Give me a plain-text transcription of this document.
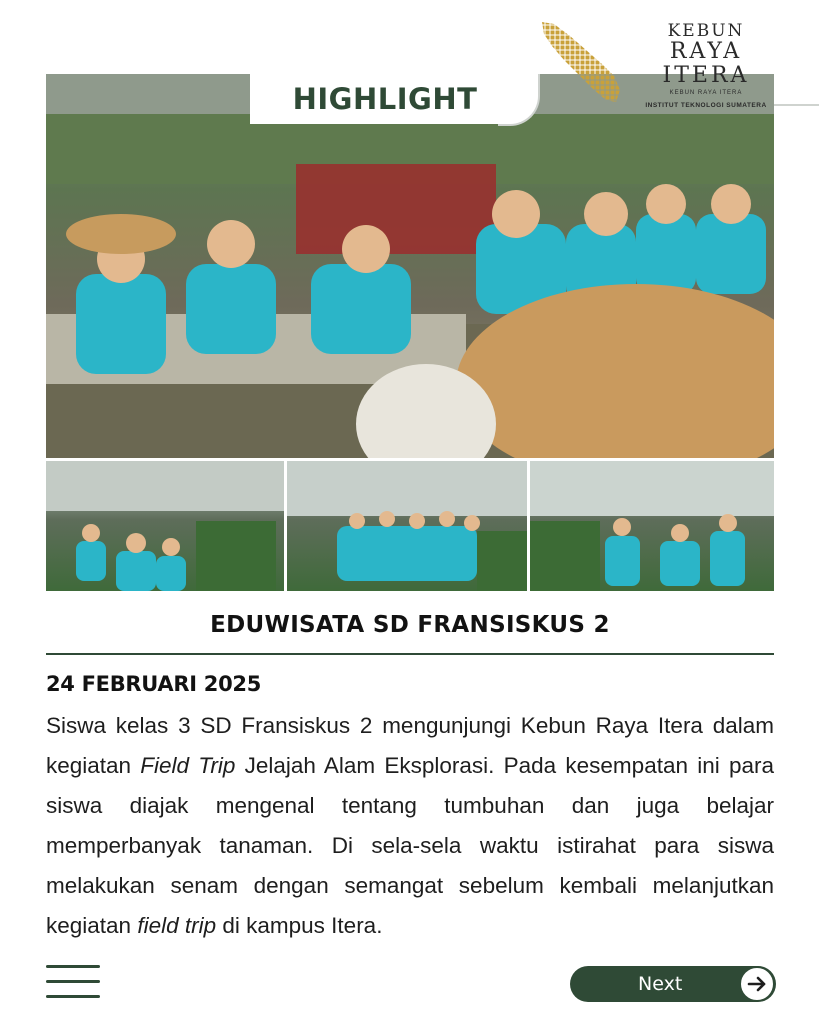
HIGHLIGHT
KEBUN
RAYA ITERA
KEBUN RAYA ITERA
INSTITUT TEKNOLOGI SUMATERA
EDUWISATA SD FRANSISKUS 2
24 FEBRUARI 2025
Siswa kelas 3 SD Fransiskus 2 mengunjungi Kebun Raya Itera dalam kegiatan Field Trip Jelajah Alam Eksplorasi. Pada kesempatan ini para siswa diajak mengenal tentang tumbuhan dan juga belajar memperbanyak tanaman. Di sela-sela waktu istirahat para siswa melakukan senam dengan semangat sebelum kembali melanjutkan kegiatan field trip di kampus Itera.
Next
